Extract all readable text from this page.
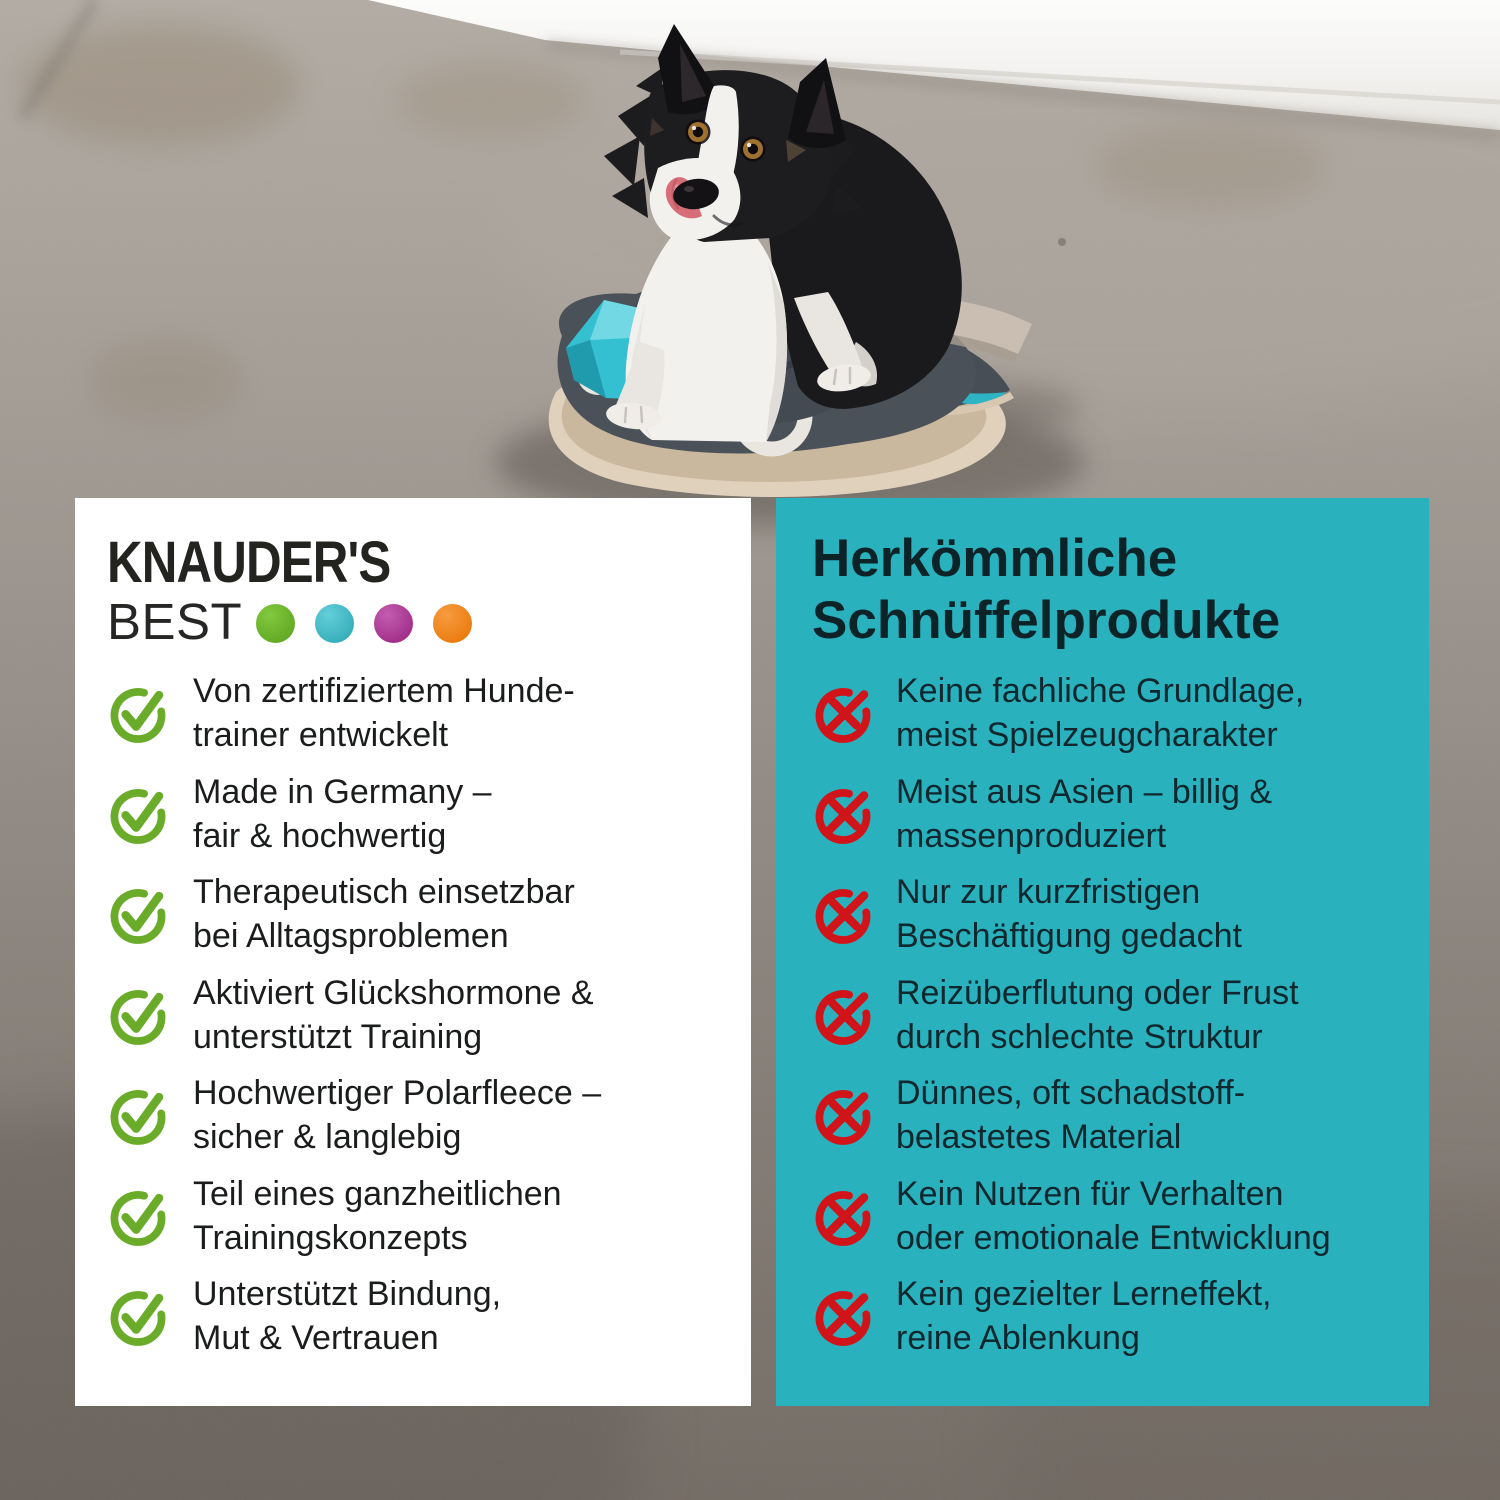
KNAUDER'S
BEST
Von zertifiziertem Hunde-
trainer entwickelt
Made in Germany –
fair & hochwertig
Therapeutisch einsetzbar
bei Alltagsproblemen
Aktiviert Glückshormone &
unterstützt Training
Hochwertiger Polarfleece –
sicher & langlebig
Teil eines ganzheitlichen
Trainingskonzepts
Unterstützt Bindung,
Mut & Vertrauen
Herkömmliche
Schnüffelprodukte
Keine fachliche Grundlage,
meist Spielzeugcharakter
Meist aus Asien – billig &
massenproduziert
Nur zur kurzfristigen
Beschäftigung gedacht
Reizüberflutung oder Frust
durch schlechte Struktur
Dünnes, oft schadstoff-
belastetes Material
Kein Nutzen für Verhalten
oder emotionale Entwicklung
Kein gezielter Lerneffekt,
reine Ablenkung
